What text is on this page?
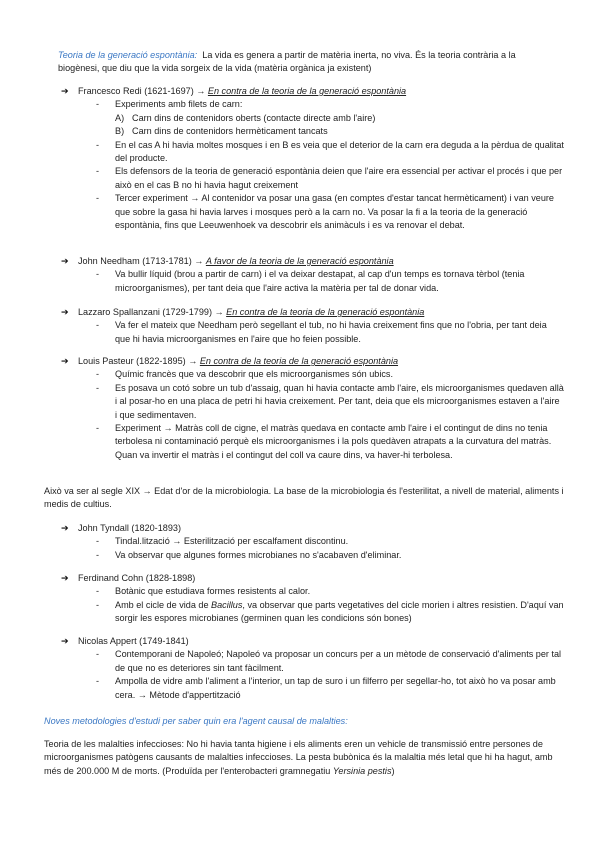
Teoria de la generació espontània: La vida es genera a partir de matèria inerta, no viva. És la teoria contrària a la biogènesi, que diu que la vida sorgeix de la vida (matèria orgànica ja existent)
➔	Francesco Redi (1621-1697) →
En contra de la teoria de la generació espontània
- Experiments amb filets de carn:
A) Carn dins de contenidors oberts (contacte directe amb l'aire)
B) Carn dins de contenidors hermèticament tancats
- En el cas A hi havia moltes mosques i en B es veia que el deterior de la carn era deguda a la pèrdua de qualitat del producte.
- Els defensors de la teoria de generació espontània deien que l'aire era essencial per activar el procés i que per això en el cas B no hi havia hagut creixement
- Tercer experiment → Al contenidor va posar una gasa (en comptes d'estar tancat hermèticament) i van veure que sobre la gasa hi havia larves i mosques però a la carn no. Va posar la fi a la teoria de la generació espontània, fins que Leeuwenhoek va descobrir els animàculs i es va renovar el debat.
➔	John Needham (1713-1781) →
A favor de la teoria de la generació espontània
- Va bullir líquid (brou a partir de carn) i el va deixar destapat, al cap d'un temps es tornava tèrbol (tenia microorganismes), per tant deia que l'aire activa la matèria per tal de donar vida.
➔	Lazzaro Spallanzani (1729-1799) →
En contra de la teoria de la generació espontània
- Va fer el mateix que Needham però segellant el tub, no hi havia creixement fins que no l'obria, per tant deia que hi havia microorganismes en l'aire que ho feien possible.
➔	Louis Pasteur (1822-1895) →
En contra de la teoria de la generació espontània
- Químic francès que va descobrir que els microorganismes són ubics.
- Es posava un cotó sobre un tub d'assaig, quan hi havia contacte amb l'aire, els microorganismes quedaven allà i al posar-ho en una placa de petri hi havia creixement. Per tant, deia que els microorganismes estaven a l'aire i que sedimentaven.
- Experiment → Matràs coll de cigne, el matràs quedava en contacte amb l'aire i el contingut de dins no tenia terbolesa ni contaminació perquè els microorganismes i la pols quedàven atrapats a la curvatura del matràs. Quan va invertir el matràs i el contingut del coll va caure dins, va haver-hi terbolesa.
Això va ser al segle XIX → Edat d'or de la microbiologia. La base de la microbiologia és l'esterilitat, a nivell de material, aliments i medis de cultius.
➔	John Tyndall (1820-1893)
- Tindal.lització → Esterilització per escalfament discontinu.
- Va observar que algunes formes microbianes no s'acabaven d'eliminar.
➔	Ferdinand Cohn (1828-1898)
- Botànic que estudiava formes resistents al calor.
- Amb el cicle de vida de Bacillus, va observar que parts vegetatives del cicle morien i altres resistien. D'aquí van sorgir les espores microbianes (germinen quan les condicions són bones)
➔	Nicolas Appert (1749-1841)
- Contemporani de Napoleó; Napoleó va proposar un concurs per a un mètode de conservació d'aliments per tal de que no es deteriores sin tant fàcilment.
- Ampolla de vidre amb l'aliment a l'interior, un tap de suro i un filferro per segellar-ho, tot això ho va posar amb cera. → Mètode d'appertització
Noves metodologies d'estudi per saber quin era l'agent causal de malalties:
Teoria de les malalties infeccioses: No hi havia tanta higiene i els aliments eren un vehicle de transmissió entre persones de microorganismes patògens causants de malalties infeccioses. La pesta bubònica és la malaltia més letal que hi ha hagut, amb més de 200.000 M de morts. (Produïda per l'enterobacteri gramnegatiu Yersinia pestis)
